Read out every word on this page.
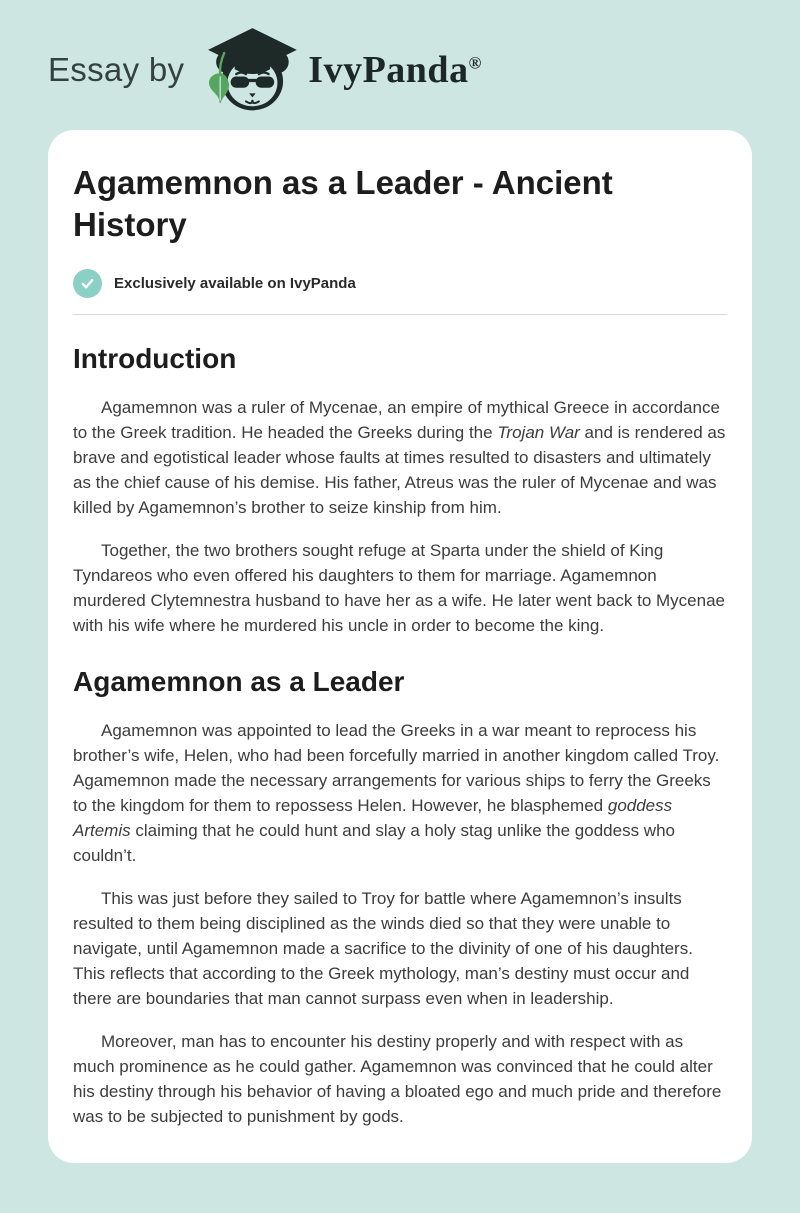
Essay by	IvyPanda®
Agamemnon as a Leader - Ancient History
Exclusively available on IvyPanda
Introduction

Agamemnon was a ruler of Mycenae, an empire of mythical Greece in accordance to the Greek tradition. He headed the Greeks during the Trojan War and is rendered as brave and egotistical leader whose faults at times resulted to disasters and ultimately as the chief cause of his demise. His father, Atreus was the ruler of Mycenae and was killed by Agamemnon’s brother to seize kinship from him.

Together, the two brothers sought refuge at Sparta under the shield of King Tyndareos who even offered his daughters to them for marriage. Agamemnon murdered Clytemnestra husband to have her as a wife. He later went back to Mycenae with his wife where he murdered his uncle in order to become the king.

Agamemnon as a Leader

Agamemnon was appointed to lead the Greeks in a war meant to reprocess his brother’s wife, Helen, who had been forcefully married in another kingdom called Troy. Agamemnon made the necessary arrangements for various ships to ferry the Greeks to the kingdom for them to repossess Helen. However, he blasphemed goddess Artemis claiming that he could hunt and slay a holy stag unlike the goddess who couldn’t.

This was just before they sailed to Troy for battle where Agamemnon’s insults resulted to them being disciplined as the winds died so that they were unable to navigate, until Agamemnon made a sacrifice to the divinity of one of his daughters. This reflects that according to the Greek mythology, man’s destiny must occur and there are boundaries that man cannot surpass even when in leadership.

Moreover, man has to encounter his destiny properly and with respect with as much prominence as he could gather. Agamemnon was convinced that he could alter his destiny through his behavior of having a bloated ego and much pride and therefore was to be subjected to punishment by gods.
